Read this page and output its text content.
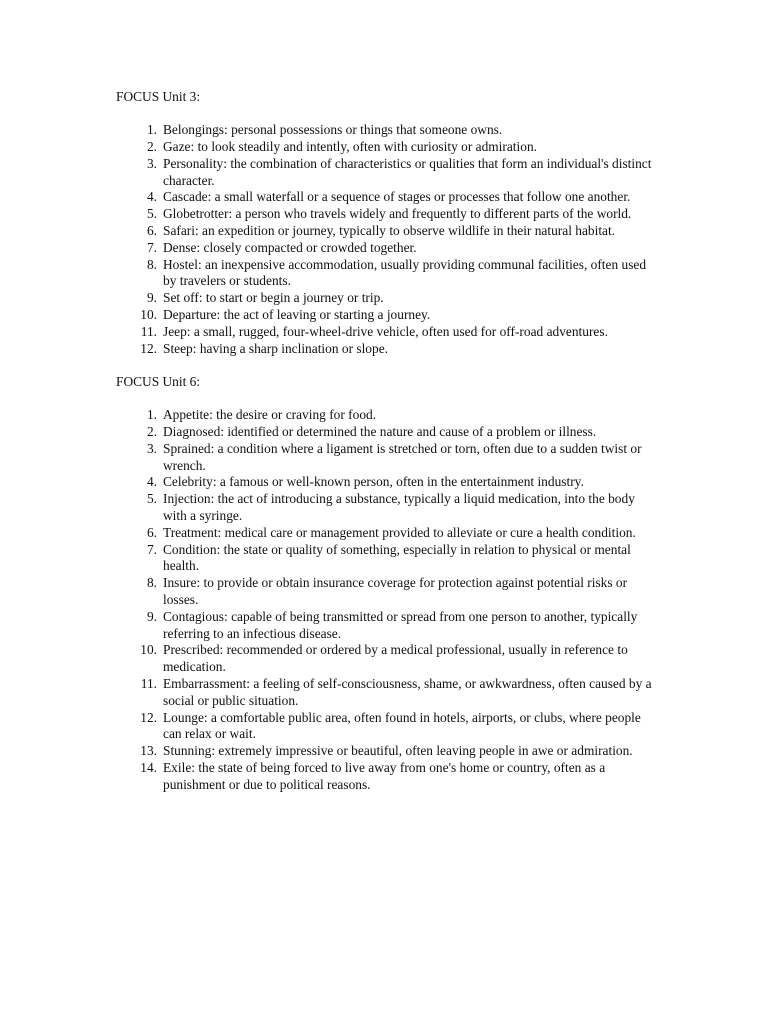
FOCUS Unit 3:
1. Belongings: personal possessions or things that someone owns.
2. Gaze: to look steadily and intently, often with curiosity or admiration.
3. Personality: the combination of characteristics or qualities that form an individual's distinct character.
4. Cascade: a small waterfall or a sequence of stages or processes that follow one another.
5. Globetrotter: a person who travels widely and frequently to different parts of the world.
6. Safari: an expedition or journey, typically to observe wildlife in their natural habitat.
7. Dense: closely compacted or crowded together.
8. Hostel: an inexpensive accommodation, usually providing communal facilities, often used by travelers or students.
9. Set off: to start or begin a journey or trip.
10. Departure: the act of leaving or starting a journey.
11. Jeep: a small, rugged, four-wheel-drive vehicle, often used for off-road adventures.
12. Steep: having a sharp inclination or slope.
FOCUS Unit 6:
1. Appetite: the desire or craving for food.
2. Diagnosed: identified or determined the nature and cause of a problem or illness.
3. Sprained: a condition where a ligament is stretched or torn, often due to a sudden twist or wrench.
4. Celebrity: a famous or well-known person, often in the entertainment industry.
5. Injection: the act of introducing a substance, typically a liquid medication, into the body with a syringe.
6. Treatment: medical care or management provided to alleviate or cure a health condition.
7. Condition: the state or quality of something, especially in relation to physical or mental health.
8. Insure: to provide or obtain insurance coverage for protection against potential risks or losses.
9. Contagious: capable of being transmitted or spread from one person to another, typically referring to an infectious disease.
10. Prescribed: recommended or ordered by a medical professional, usually in reference to medication.
11. Embarrassment: a feeling of self-consciousness, shame, or awkwardness, often caused by a social or public situation.
12. Lounge: a comfortable public area, often found in hotels, airports, or clubs, where people can relax or wait.
13. Stunning: extremely impressive or beautiful, often leaving people in awe or admiration.
14. Exile: the state of being forced to live away from one's home or country, often as a punishment or due to political reasons.
